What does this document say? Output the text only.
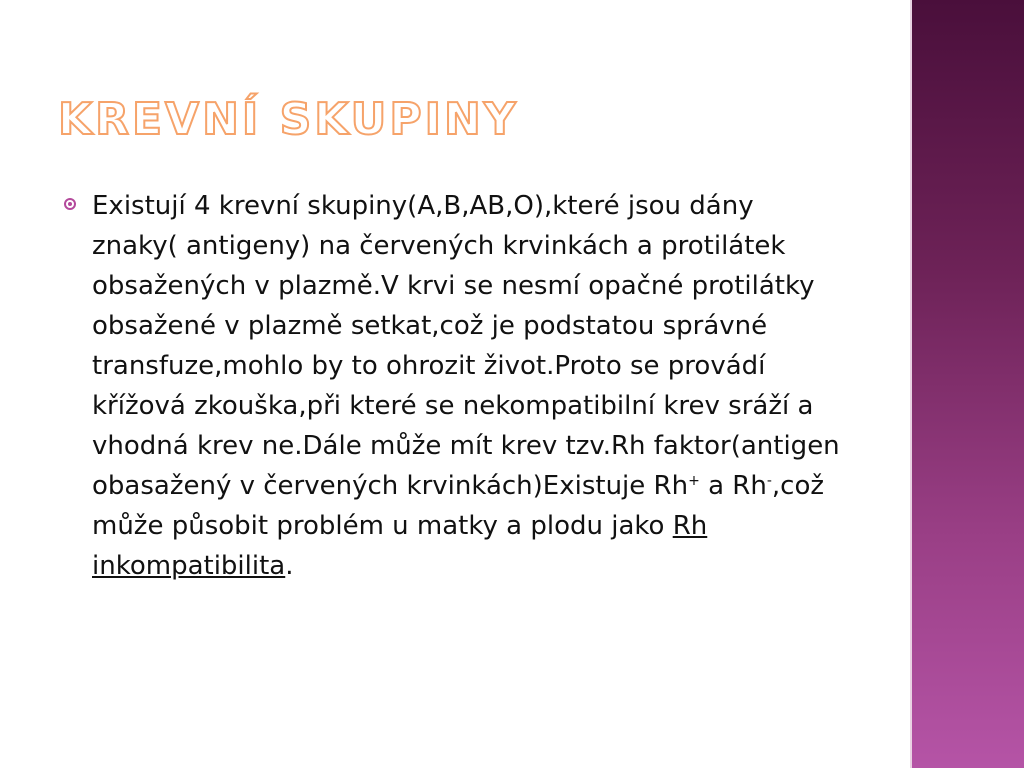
KREVNÍ SKUPINY
Existují 4 krevní skupiny(A,B,AB,O),které jsou dány znaky( antigeny) na červených krvinkách a protilátek obsažených v plazmě.V krvi se nesmí opačné protilátky obsažené v plazmě setkat,což je podstatou správné transfuze,mohlo by to ohrozit život.Proto se provádí křížová zkouška,při které se nekompatibilní krev sráží a vhodná krev ne.Dále může mít krev tzv.Rh faktor(antigen obasažený v červených krvinkách)Existuje Rh+ a Rh-,což může působit problém u matky a plodu jako Rh inkompatibilita.
